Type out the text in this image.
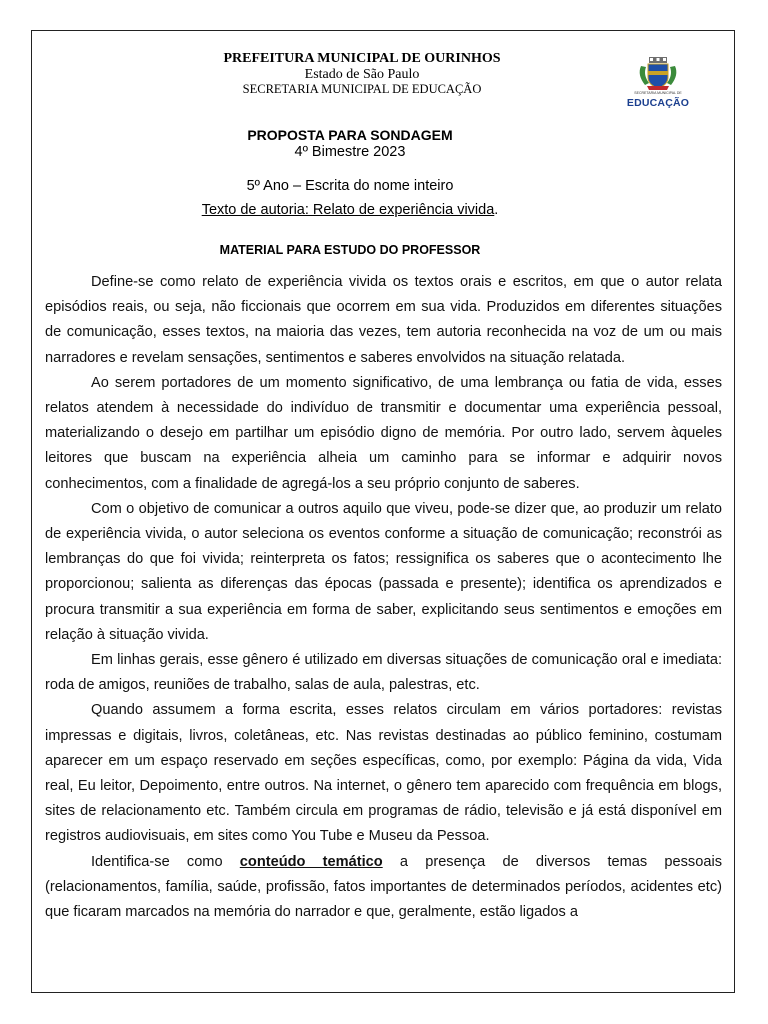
PREFEITURA MUNICIPAL DE OURINHOS
Estado de São Paulo
SECRETARIA MUNICIPAL DE EDUCAÇÃO	SECRETARIA MUNICIPAL DE
EDUCAÇÃO
PROPOSTA PARA SONDAGEM
4º Bimestre 2023
5º Ano – Escrita do nome inteiro
Texto de autoria: Relato de experiência vivida.
MATERIAL PARA ESTUDO DO PROFESSOR

Define-se como relato de experiência vivida os textos orais e escritos, em que o autor relata episódios reais, ou seja, não ficcionais que ocorrem em sua vida. Produzidos em diferentes situações de comunicação, esses textos, na maioria das vezes, tem autoria reconhecida na voz de um ou mais narradores e revelam sensações, sentimentos e saberes envolvidos na situação relatada.

Ao serem portadores de um momento significativo, de uma lembrança ou fatia de vida, esses relatos atendem à necessidade do indivíduo de transmitir e documentar uma experiência pessoal, materializando o desejo em partilhar um episódio digno de memória. Por outro lado, servem àqueles leitores que buscam na experiência alheia um caminho para se informar e adquirir novos conhecimentos, com a finalidade de agregá-los a seu próprio conjunto de saberes.

Com o objetivo de comunicar a outros aquilo que viveu, pode-se dizer que, ao produzir um relato de experiência vivida, o autor seleciona os eventos conforme a situação de comunicação; reconstrói as lembranças do que foi vivida; reinterpreta os fatos; ressignifica os saberes que o acontecimento lhe proporcionou; salienta as diferenças das épocas (passada e presente); identifica os aprendizados e procura transmitir a sua experiência em forma de saber, explicitando seus sentimentos e emoções em relação à situação vivida.

Em linhas gerais, esse gênero é utilizado em diversas situações de comunicação oral e imediata: roda de amigos, reuniões de trabalho, salas de aula, palestras, etc.

Quando assumem a forma escrita, esses relatos circulam em vários portadores: revistas impressas e digitais, livros, coletâneas, etc. Nas revistas destinadas ao público feminino, costumam aparecer em um espaço reservado em seções específicas, como, por exemplo: Página da vida, Vida real, Eu leitor, Depoimento, entre outros. Na internet, o gênero tem aparecido com frequência em blogs, sites de relacionamento etc. Também circula em programas de rádio, televisão e já está disponível em registros audiovisuais, em sites como You Tube e Museu da Pessoa.

Identifica-se como conteúdo temático a presença de diversos temas pessoais (relacionamentos, família, saúde, profissão, fatos importantes de determinados períodos, acidentes etc) que ficaram marcados na memória do narrador e que, geralmente, estão ligados a
